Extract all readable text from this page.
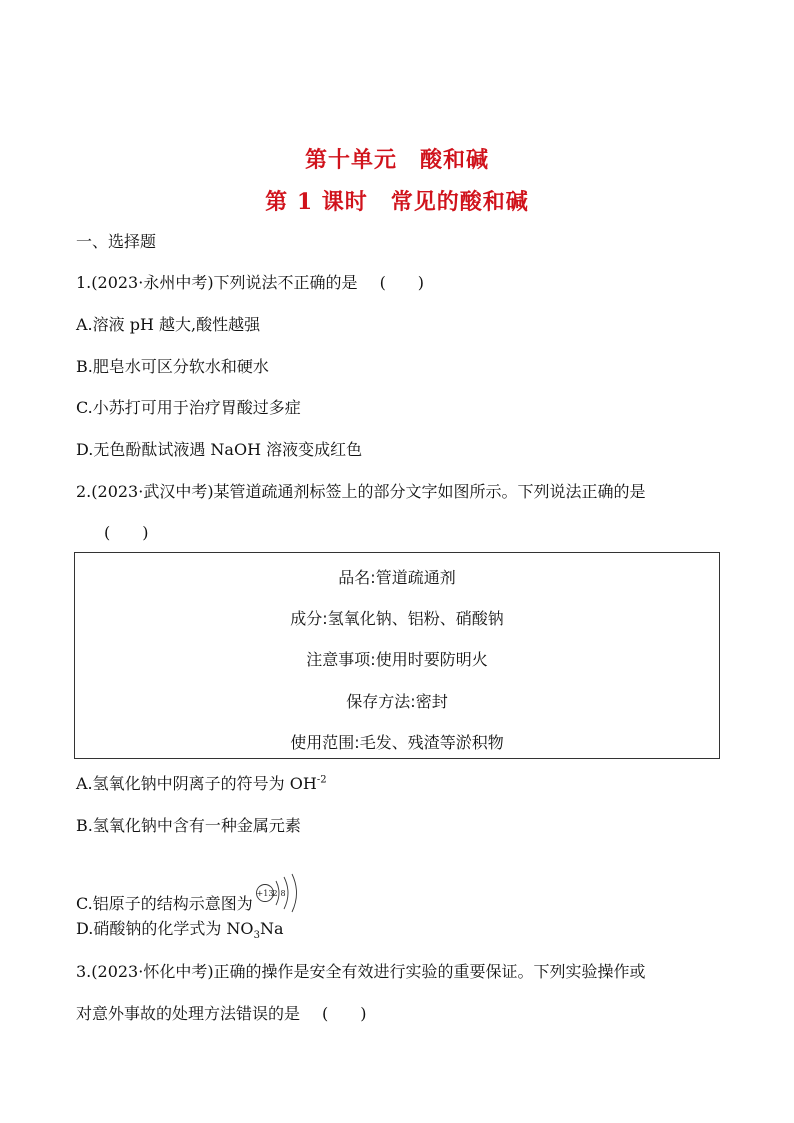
第十单元　酸和碱
第 1 课时　常见的酸和碱
一、选择题
1.(2023·永州中考)下列说法不正确的是 (　　)
A.溶液 pH 越大,酸性越强
B.肥皂水可区分软水和硬水
C.小苏打可用于治疗胃酸过多症
D.无色酚酞试液遇 NaOH 溶液变成红色
2.(2023·武汉中考)某管道疏通剂标签上的部分文字如图所示。下列说法正确的是
(　　)
品名:管道疏通剂
成分:氢氧化钠、铝粉、硝酸钠
注意事项:使用时要防明火
保存方法:密封
使用范围:毛发、残渣等淤积物
A.氢氧化钠中阴离子的符号为 $OH^{-2}$
B.氢氧化钠中含有一种金属元素
C.铝原子的结构示意图为
+13 2 8
D.硝酸钠的化学式为 $NO_3Na$
3.(2023·怀化中考)正确的操作是安全有效进行实验的重要保证。下列实验操作或
对意外事故的处理方法错误的是 (　　)
